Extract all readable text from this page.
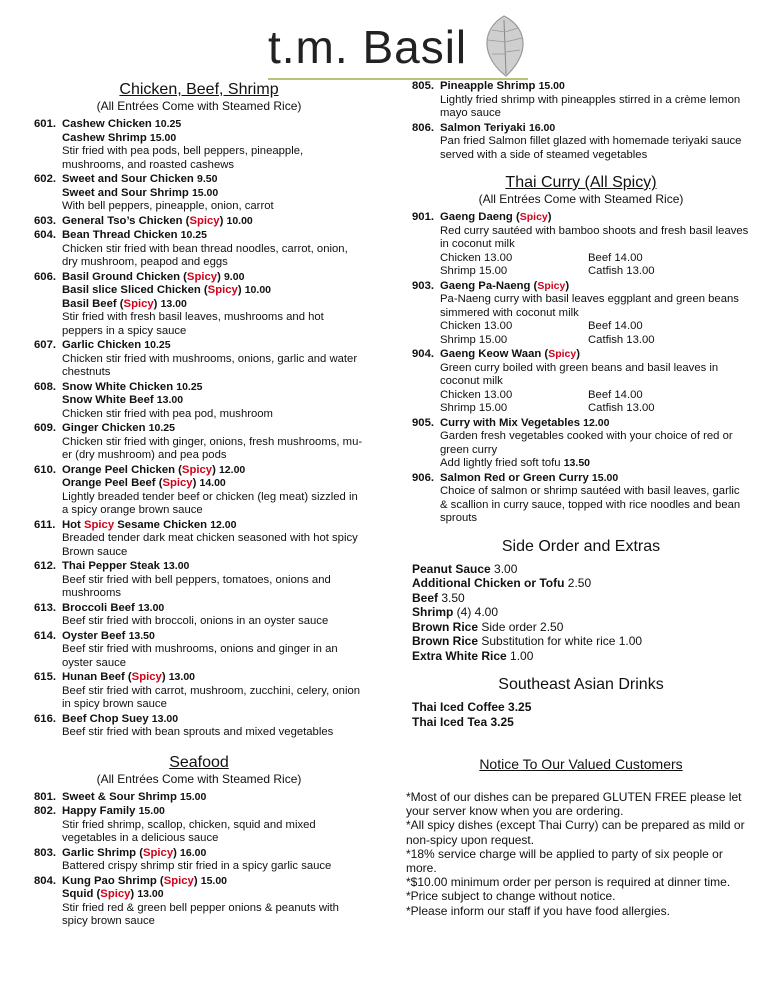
t.m. Basil

Chicken, Beef, Shrimp

(All Entrées Come with Steamed Rice)

601. Cashew Chicken 10.25
Cashew Shrimp 15.00
Stir fried with pea pods, bell peppers, pineapple, mushrooms, and roasted cashews
602. Sweet and Sour Chicken 9.50
Sweet and Sour Shrimp 15.00
With bell peppers, pineapple, onion, carrot
603. General Tso’s Chicken (Spicy) 10.00
604. Bean Thread Chicken 10.25
Chicken stir fried with bean thread noodles, carrot, onion, dry mushroom, peapod and eggs
606. Basil Ground Chicken (Spicy) 9.00
Basil slice Sliced Chicken (Spicy) 10.00
Basil Beef (Spicy) 13.00
Stir fried with fresh basil leaves, mushrooms and hot peppers in a spicy sauce
607. Garlic Chicken 10.25
Chicken stir fried with mushrooms, onions, garlic and water chestnuts
608. Snow White Chicken 10.25
Snow White Beef 13.00
Chicken stir fried with pea pod, mushroom
609. Ginger Chicken 10.25
Chicken stir fried with ginger, onions, fresh mushrooms, mu-er (dry mushroom) and pea pods
610. Orange Peel Chicken (Spicy) 12.00
Orange Peel Beef (Spicy) 14.00
Lightly breaded tender beef or chicken (leg meat) sizzled in a spicy orange brown sauce
611. Hot Spicy Sesame Chicken 12.00
Breaded tender dark meat chicken seasoned with hot spicy Brown sauce
612. Thai Pepper Steak 13.00
Beef stir fried with bell peppers, tomatoes, onions and mushrooms
613. Broccoli Beef 13.00
Beef stir fried with broccoli, onions in an oyster sauce
614. Oyster Beef 13.50
Beef stir fried with mushrooms, onions and ginger in an oyster sauce
615. Hunan Beef (Spicy) 13.00
Beef stir fried with carrot, mushroom, zucchini, celery, onion in spicy brown sauce
616. Beef Chop Suey 13.00
Beef stir fried with bean sprouts and mixed vegetables

Seafood

(All Entrées Come with Steamed Rice)

801. Sweet & Sour Shrimp 15.00
802. Happy Family 15.00
Stir fried shrimp, scallop, chicken, squid and mixed vegetables in a delicious sauce
803. Garlic Shrimp (Spicy) 16.00
Battered crispy shrimp stir fried in a spicy garlic sauce
804. Kung Pao Shrimp (Spicy) 15.00
Squid (Spicy) 13.00
Stir fried red & green bell pepper onions & peanuts with spicy brown sauce
805. Pineapple Shrimp 15.00
Lightly fried shrimp with pineapples stirred in a crème lemon mayo sauce
806. Salmon Teriyaki 16.00
Pan fried Salmon fillet glazed with homemade teriyaki sauce served with a side of steamed vegetables

Thai Curry (All Spicy)

(All Entrées Come with Steamed Rice)

901. Gaeng Daeng (Spicy)
Red curry sautéed with bamboo shoots and fresh basil leaves in coconut milk
Chicken 13.00	Beef 14.00
Shrimp 15.00	Catfish 13.00
903. Gaeng Pa-Naeng (Spicy)
Pa-Naeng curry with basil leaves eggplant and green beans simmered with coconut milk
Chicken 13.00	Beef 14.00
Shrimp 15.00	Catfish 13.00
904. Gaeng Keow Waan (Spicy)
Green curry boiled with green beans and basil leaves in coconut milk
Chicken 13.00	Beef 14.00
Shrimp 15.00	Catfish 13.00
905. Curry with Mix Vegetables 12.00
Garden fresh vegetables cooked with your choice of red or green curry
Add lightly fried soft tofu 13.50
906. Salmon Red or Green Curry 15.00
Choice of salmon or shrimp sautéed with basil leaves, garlic & scallion in curry sauce, topped with rice noodles and bean sprouts

Side Order and Extras

Peanut Sauce 3.00

Additional Chicken or Tofu 2.50

Beef 3.50

Shrimp (4) 4.00

Brown Rice Side order 2.50

Brown Rice Substitution for white rice 1.00

Extra White Rice 1.00

Southeast Asian Drinks

Thai Iced Coffee 3.25

Thai Iced Tea 3.25

Notice To Our Valued Customers

*Most of our dishes can be prepared GLUTEN FREE please let your server know when you are ordering.

*All spicy dishes (except Thai Curry) can be prepared as mild or non-spicy upon request.

*18% service charge will be applied to party of six people or more.

*$10.00 minimum order per person is required at dinner time.

*Price subject to change without notice.

*Please inform our staff if you have food allergies.
